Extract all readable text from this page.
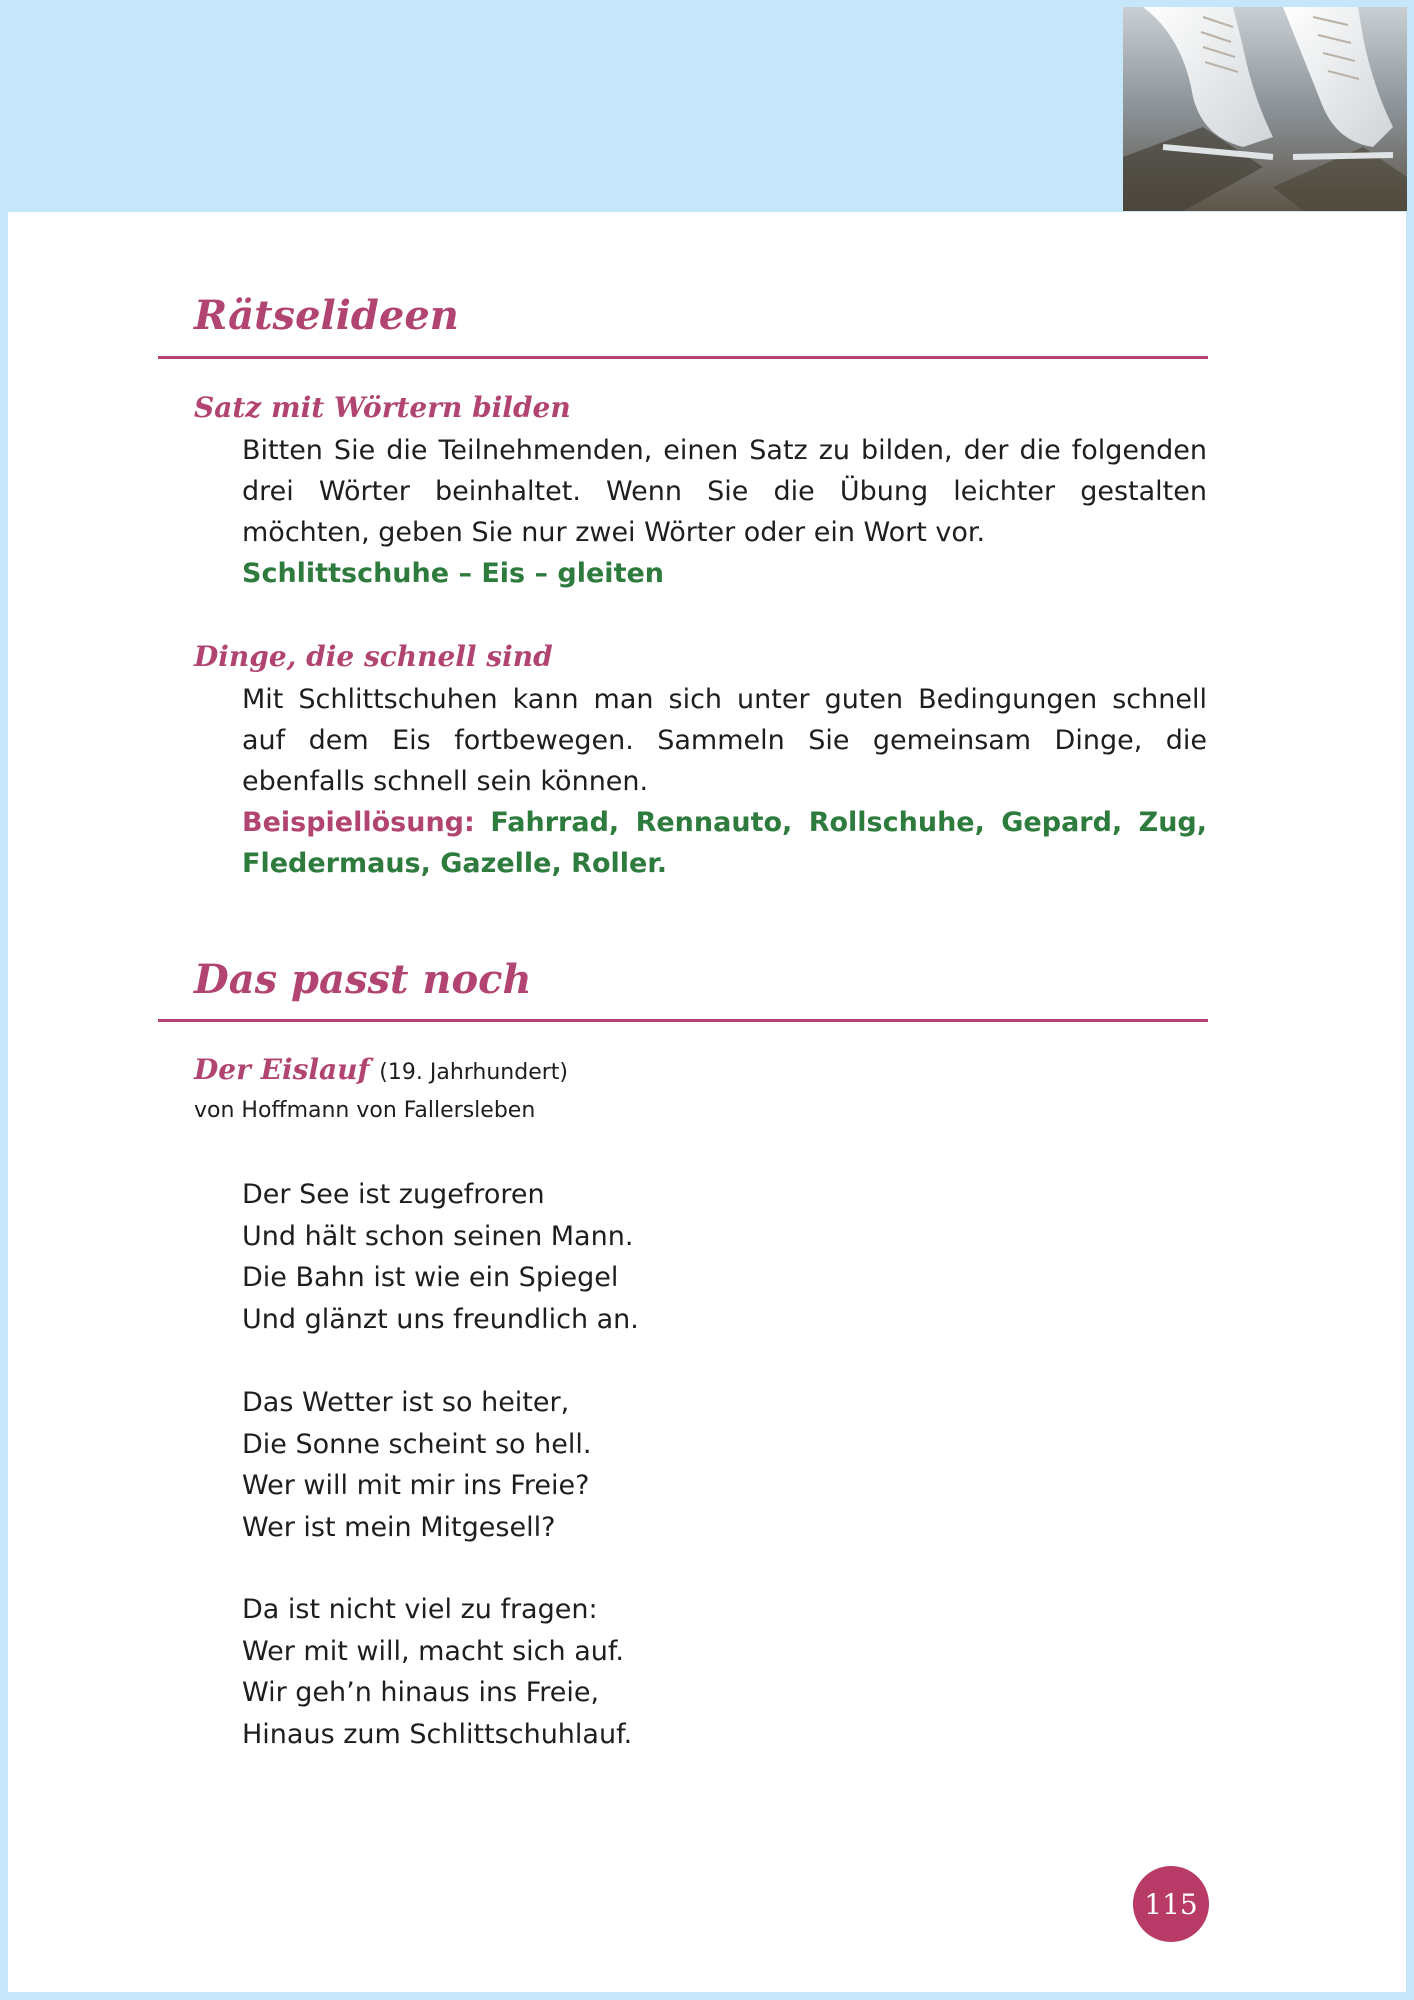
Rätselideen
Satz mit Wörtern bilden

Bitten Sie die Teilnehmenden, einen Satz zu bilden, der die folgenden drei Wörter beinhaltet. Wenn Sie die Übung leichter gestalten möchten, geben Sie nur zwei Wörter oder ein Wort vor.
Schlittschuhe – Eis – gleiten

Dinge, die schnell sind

Mit Schlittschuhen kann man sich unter guten Bedingungen schnell auf dem Eis fortbewegen. Sammeln Sie gemeinsam Dinge, die ebenfalls schnell sein können.
Beispiellösung: Fahrrad, Rennauto, Rollschuhe, Gepard, Zug, Fledermaus, Gazelle, Roller.

Das passt noch
Der Eislauf (19. Jahrhundert)

von Hoffmann von Fallersleben

Der See ist zugefroren
Und hält schon seinen Mann.
Die Bahn ist wie ein Spiegel
Und glänzt uns freundlich an.
Das Wetter ist so heiter,
Die Sonne scheint so hell.
Wer will mit mir ins Freie?
Wer ist mein Mitgesell?
Da ist nicht viel zu fragen:
Wer mit will, macht sich auf.
Wir geh’n hinaus ins Freie,
Hinaus zum Schlittschuhlauf.
115
